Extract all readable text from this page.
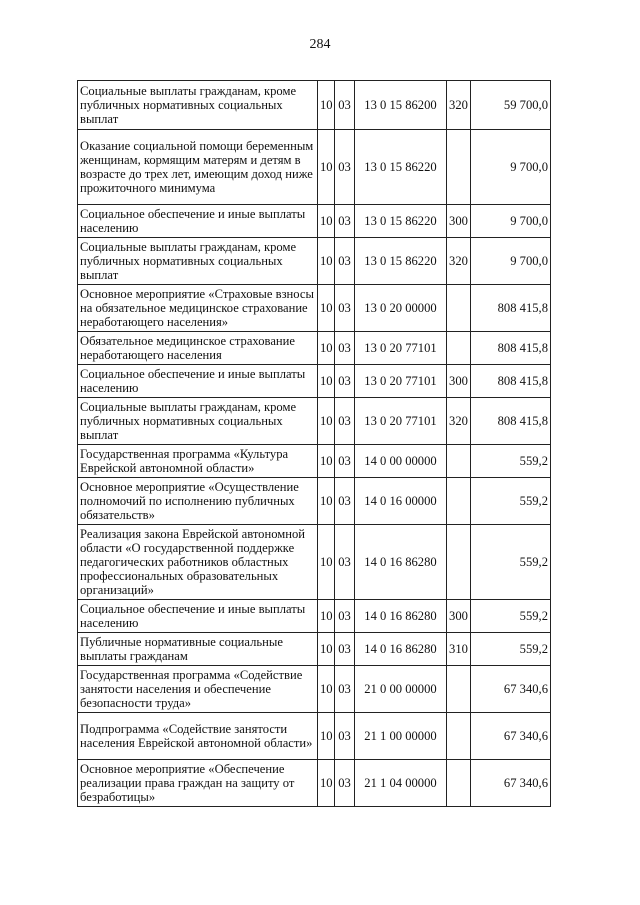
284
Социальные выплаты гражданам, кроме публичных нормативных социальных выплат	10	03	13 0 15 86200	320	59 700,0
Оказание социальной помощи беременным женщинам, кормящим матерям и детям в возрасте до трех лет, имеющим доход ниже прожиточного минимума	10	03	13 0 15 86220		9 700,0
Социальное обеспечение и иные выплаты населению	10	03	13 0 15 86220	300	9 700,0
Социальные выплаты гражданам, кроме публичных нормативных социальных выплат	10	03	13 0 15 86220	320	9 700,0
Основное мероприятие «Страховые взносы на обязательное медицинское страхование неработающего населения»	10	03	13 0 20 00000		808 415,8
Обязательное медицинское страхование неработающего населения	10	03	13 0 20 77101		808 415,8
Социальное обеспечение и иные выплаты населению	10	03	13 0 20 77101	300	808 415,8
Социальные выплаты гражданам, кроме публичных нормативных социальных выплат	10	03	13 0 20 77101	320	808 415,8
Государственная программа «Культура Еврейской автономной области»	10	03	14 0 00 00000		559,2
Основное мероприятие «Осуществление полномочий по исполнению публичных обязательств»	10	03	14 0 16 00000		559,2
Реализация закона Еврейской автономной области «О государственной поддержке педагогических работников областных профессиональных образовательных организаций»	10	03	14 0 16 86280		559,2
Социальное обеспечение и иные выплаты населению	10	03	14 0 16 86280	300	559,2
Публичные нормативные социальные выплаты гражданам	10	03	14 0 16 86280	310	559,2
Государственная программа «Содействие занятости населения и обеспечение безопасности труда»	10	03	21 0 00 00000		67 340,6
Подпрограмма «Содействие занятости населения Еврейской автономной области»	10	03	21 1 00 00000		67 340,6
Основное мероприятие «Обеспечение реализации права граждан на защиту от безработицы»	10	03	21 1 04 00000		67 340,6
